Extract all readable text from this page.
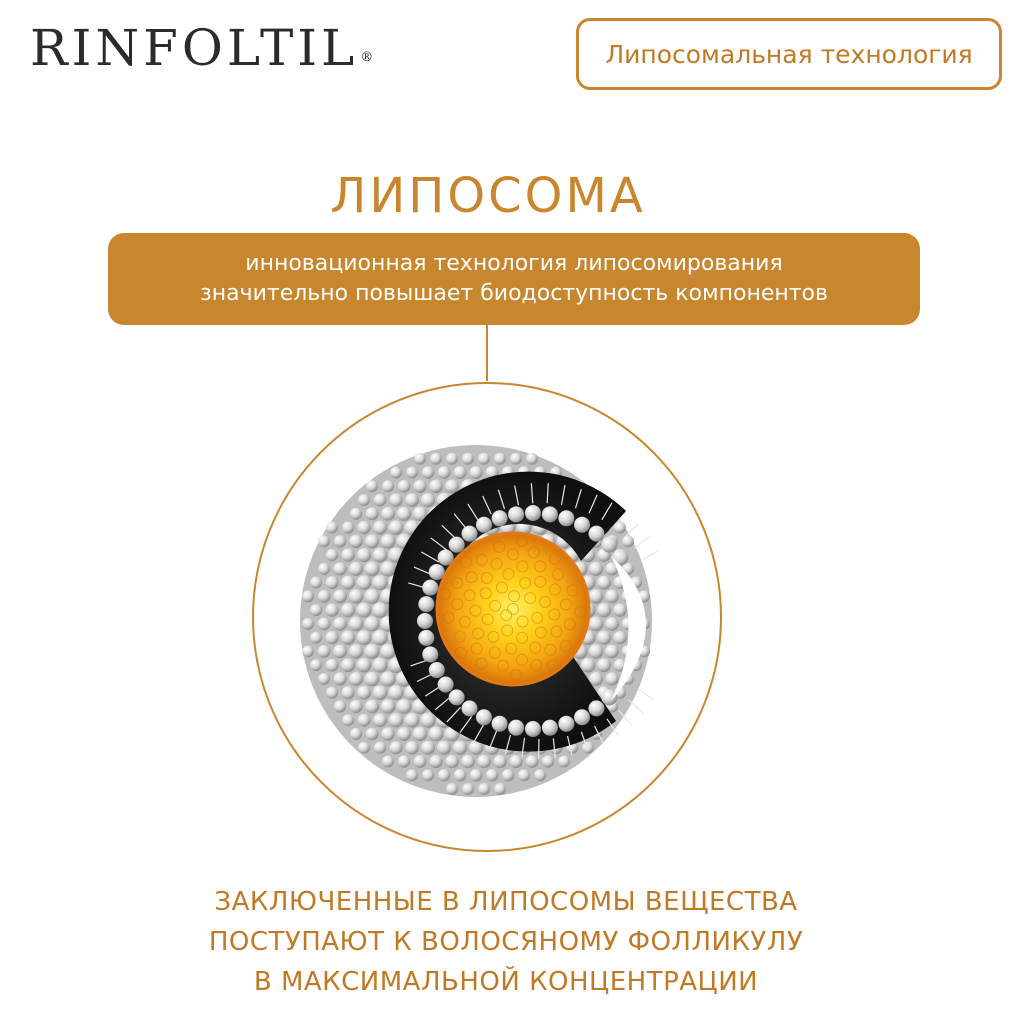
RINFOLTIL ®	Липосомальная технология
ЛИПОСОМА
инновационная технология липосомирования
значительно повышает биодоступность компонентов
ЗАКЛЮЧЕННЫЕ В ЛИПОСОМЫ ВЕЩЕСТВА
ПОСТУПАЮТ К ВОЛОСЯНОМУ ФОЛЛИКУЛУ
В МАКСИМАЛЬНОЙ КОНЦЕНТРАЦИИ
